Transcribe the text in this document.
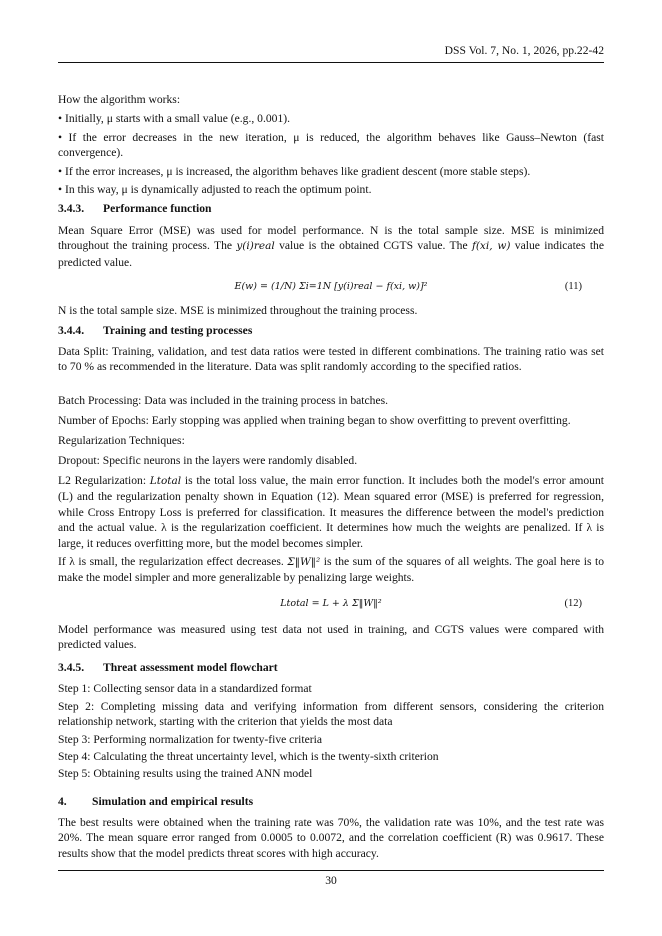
DSS Vol. 7, No. 1, 2026, pp.22-42
How the algorithm works:
• Initially, μ starts with a small value (e.g., 0.001).
• If the error decreases in the new iteration, μ is reduced, the algorithm behaves like Gauss–Newton (fast convergence).
• If the error increases, μ is increased, the algorithm behaves like gradient descent (more stable steps).
• In this way, μ is dynamically adjusted to reach the optimum point.
3.4.3. Performance function
Mean Square Error (MSE) was used for model performance. N is the total sample size. MSE is minimized throughout the training process. The y(i)real value is the obtained CGTS value. The f(xi, w) value indicates the predicted value.
E(w) = (1/N) Σi=1N [y(i)real − f(xi, w)]²	(11)
N is the total sample size. MSE is minimized throughout the training process.
3.4.4. Training and testing processes
Data Split: Training, validation, and test data ratios were tested in different combinations. The training ratio was set to 70 % as recommended in the literature. Data was split randomly according to the specified ratios.
Batch Processing: Data was included in the training process in batches.
Number of Epochs: Early stopping was applied when training began to show overfitting to prevent overfitting.
Regularization Techniques:
Dropout: Specific neurons in the layers were randomly disabled.
L2 Regularization: Ltotal is the total loss value, the main error function. It includes both the model's error amount (L) and the regularization penalty shown in Equation (12). Mean squared error (MSE) is preferred for regression, while Cross Entropy Loss is preferred for classification. It measures the difference between the model's prediction and the actual value. λ is the regularization coefficient. It determines how much the weights are penalized. If λ is large, it reduces overfitting more, but the model becomes simpler.
If λ is small, the regularization effect decreases. Σ‖W‖² is the sum of the squares of all weights. The goal here is to make the model simpler and more generalizable by penalizing large weights.
Ltotal = L + λ Σ‖W‖²	(12)
Model performance was measured using test data not used in training, and CGTS values were compared with predicted values.
3.4.5. Threat assessment model flowchart
Step 1: Collecting sensor data in a standardized format
Step 2: Completing missing data and verifying information from different sensors, considering the criterion relationship network, starting with the criterion that yields the most data
Step 3: Performing normalization for twenty-five criteria
Step 4: Calculating the threat uncertainty level, which is the twenty-sixth criterion
Step 5: Obtaining results using the trained ANN model
4. Simulation and empirical results
The best results were obtained when the training rate was 70%, the validation rate was 10%, and the test rate was 20%. The mean square error ranged from 0.0005 to 0.0072, and the correlation coefficient (R) was 0.9617. These results show that the model predicts threat scores with high accuracy.
30
